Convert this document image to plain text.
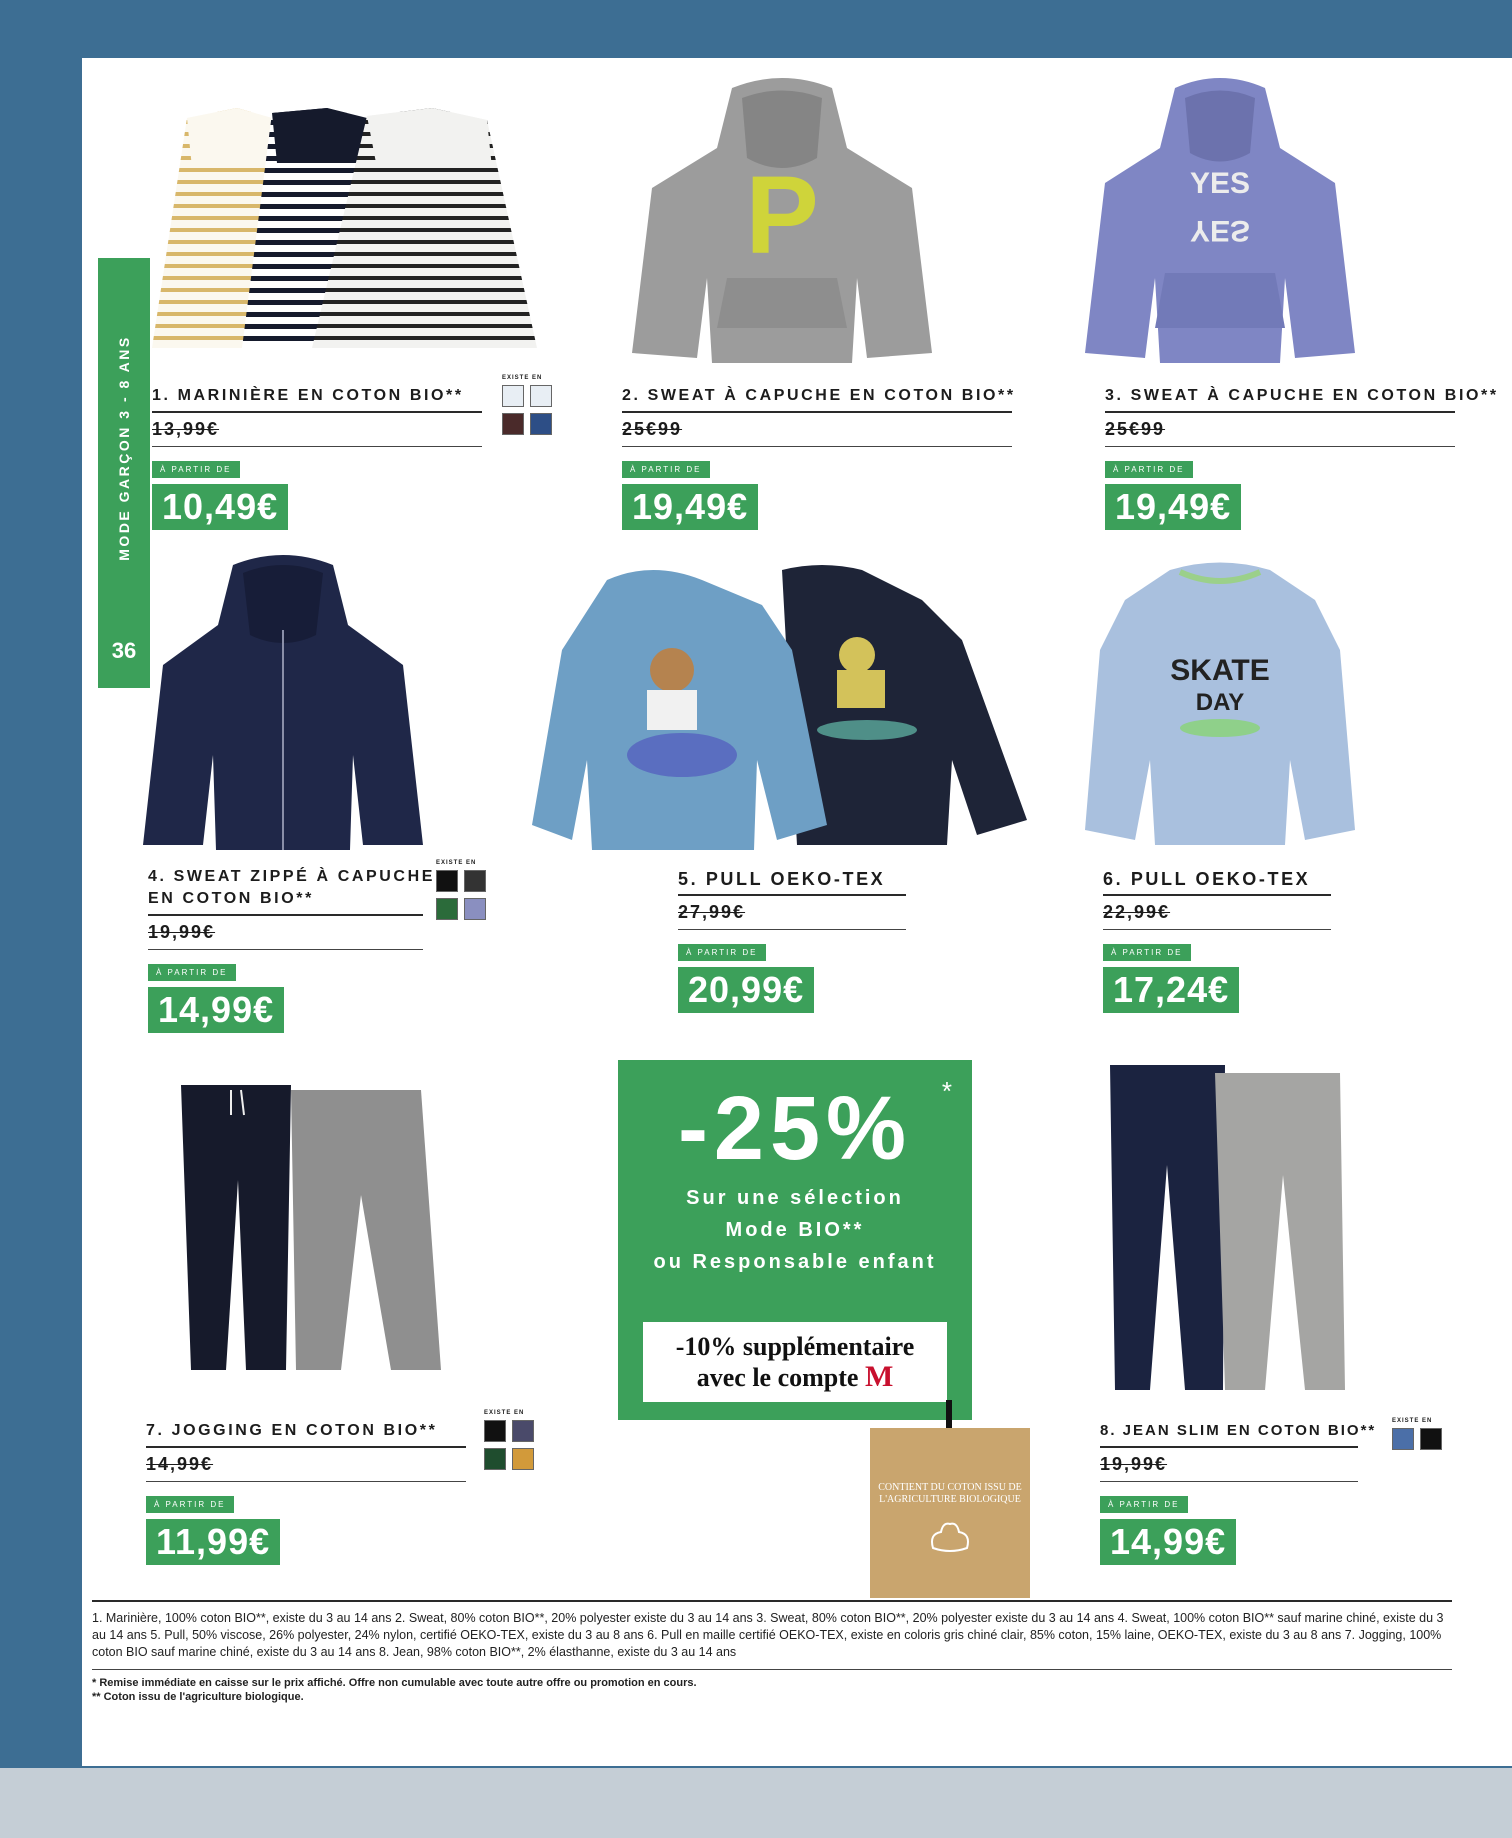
MODE GARÇON 3 - 8 ANS
36
P	YES
YES
SKATE
DAY
1. MARINIÈRE EN COTON BIO**
13,99€
À PARTIR DE
10,49€
EXISTE EN
2. SWEAT À CAPUCHE EN COTON BIO**
25€99
À PARTIR DE
19,49€
3. SWEAT À CAPUCHE EN COTON BIO**
25€99
À PARTIR DE
19,49€
4. SWEAT ZIPPÉ À CAPUCHE
EN COTON BIO**
19,99€
À PARTIR DE
14,99€
EXISTE EN
5. PULL OEKO-TEX
27,99€
À PARTIR DE
20,99€
6. PULL OEKO-TEX
22,99€
À PARTIR DE
17,24€
-25%	*
Sur une sélection
Mode BIO**
ou Responsable enfant
-10% supplémentaire
avec le compte M
CONTIENT DU COTON ISSU DE L'AGRICULTURE BIOLOGIQUE
7. JOGGING EN COTON BIO**
14,99€
À PARTIR DE
11,99€
EXISTE EN
8. JEAN SLIM EN COTON BIO**
19,99€
À PARTIR DE
14,99€
EXISTE EN
1. Marinière, 100% coton BIO**, existe du 3 au 14 ans 2. Sweat, 80% coton BIO**, 20% polyester existe du 3 au 14 ans 3. Sweat, 80% coton BIO**, 20% polyester existe du 3 au 14 ans 4. Sweat, 100% coton BIO** sauf marine chiné, existe du 3 au 14 ans 5. Pull, 50% viscose, 26% polyester, 24% nylon, certifié OEKO-TEX, existe du 3 au 8 ans 6. Pull en maille certifié OEKO-TEX, existe en coloris gris chiné clair, 85% coton, 15% laine, OEKO-TEX, existe du 3 au 8 ans 7. Jogging, 100% coton BIO sauf marine chiné, existe du 3 au 14 ans 8. Jean, 98% coton BIO**, 2% élasthanne, existe du 3 au 14 ans
* Remise immédiate en caisse sur le prix affiché. Offre non cumulable avec toute autre offre ou promotion en cours.
** Coton issu de l'agriculture biologique.
